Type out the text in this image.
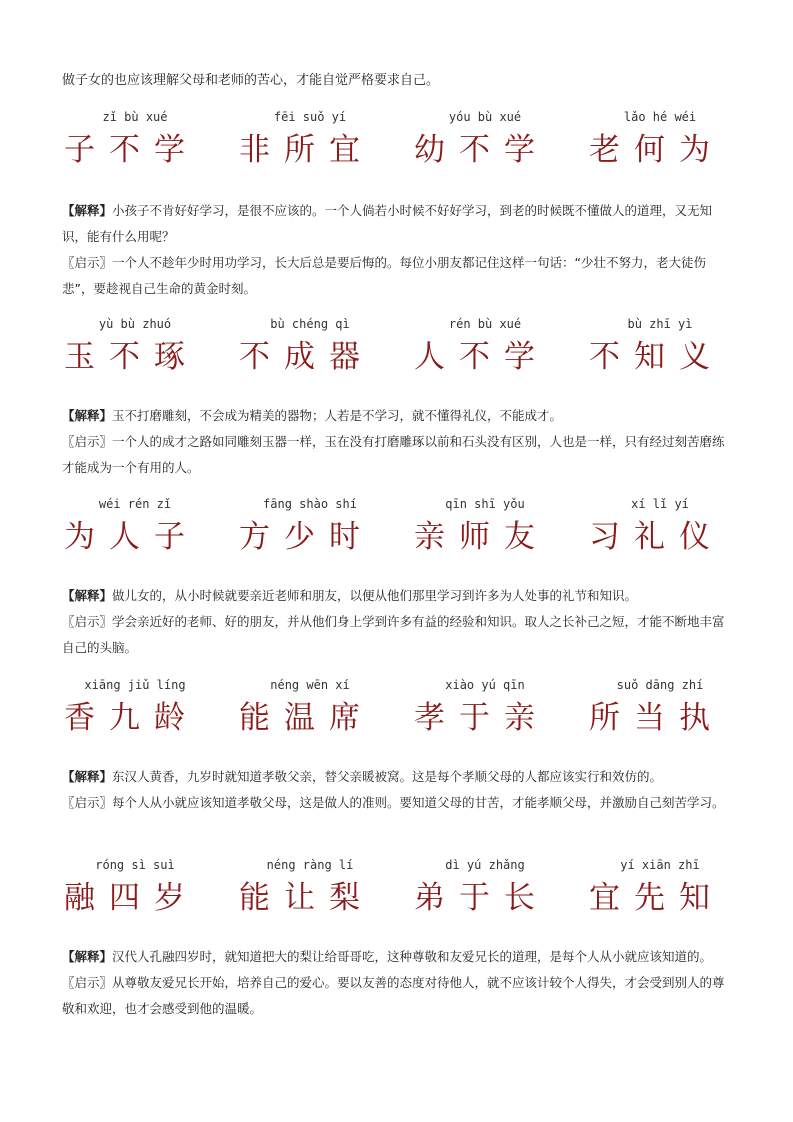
做子女的也应该理解父母和老师的苦心，才能自觉严格要求自己。
zǐ bù xué
子不学
fēi suǒ yí
非所宜
yóu bù xué
幼不学
lǎo hé wéi
老何为

【解释】小孩子不肯好好学习，是很不应该的。一个人倘若小时候不好好学习，到老的时候既不懂做人的道理，又无知识，能有什么用呢？

〖启示〗一个人不趁年少时用功学习，长大后总是要后悔的。每位小朋友都记住这样一句话：“少壮不努力，老大徒伤悲”，要趁视自己生命的黄金时刻。

yù bù zhuó
玉不琢
bù chéng qì
不成器
rén bù xué
人不学
bù zhī yì
不知义

【解释】玉不打磨雕刻，不会成为精美的器物；人若是不学习，就不懂得礼仪，不能成才。

〖启示〗一个人的成才之路如同雕刻玉器一样，玉在没有打磨雕琢以前和石头没有区别，人也是一样，只有经过刻苦磨练才能成为一个有用的人。

wéi rén zǐ
为人子
fāng shào shí
方少时
qīn shī yǒu
亲师友
xí lǐ yí
习礼仪

【解释】做儿女的，从小时候就要亲近老师和朋友，以便从他们那里学习到许多为人处事的礼节和知识。

〖启示〗学会亲近好的老师、好的朋友，并从他们身上学到许多有益的经验和知识。取人之长补己之短，才能不断地丰富自己的头脑。

xiāng jiǔ líng
香九龄
néng wēn xí
能温席
xiào yú qīn
孝于亲
suǒ dāng zhí
所当执

【解释】东汉人黄香，九岁时就知道孝敬父亲，替父亲暖被窝。这是每个孝顺父母的人都应该实行和效仿的。

〖启示〗每个人从小就应该知道孝敬父母，这是做人的准则。要知道父母的甘苦，才能孝顺父母，并激励自己刻苦学习。

róng sì suì
融四岁
néng ràng lí
能让梨
dì yú zhǎng
弟于长
yí xiān zhī
宜先知

【解释】汉代人孔融四岁时，就知道把大的梨让给哥哥吃，这种尊敬和友爱兄长的道理，是每个人从小就应该知道的。

〖启示〗从尊敬友爱兄长开始，培养自己的爱心。要以友善的态度对待他人，就不应该计较个人得失，才会受到别人的尊敬和欢迎，也才会感受到他的温暖。
